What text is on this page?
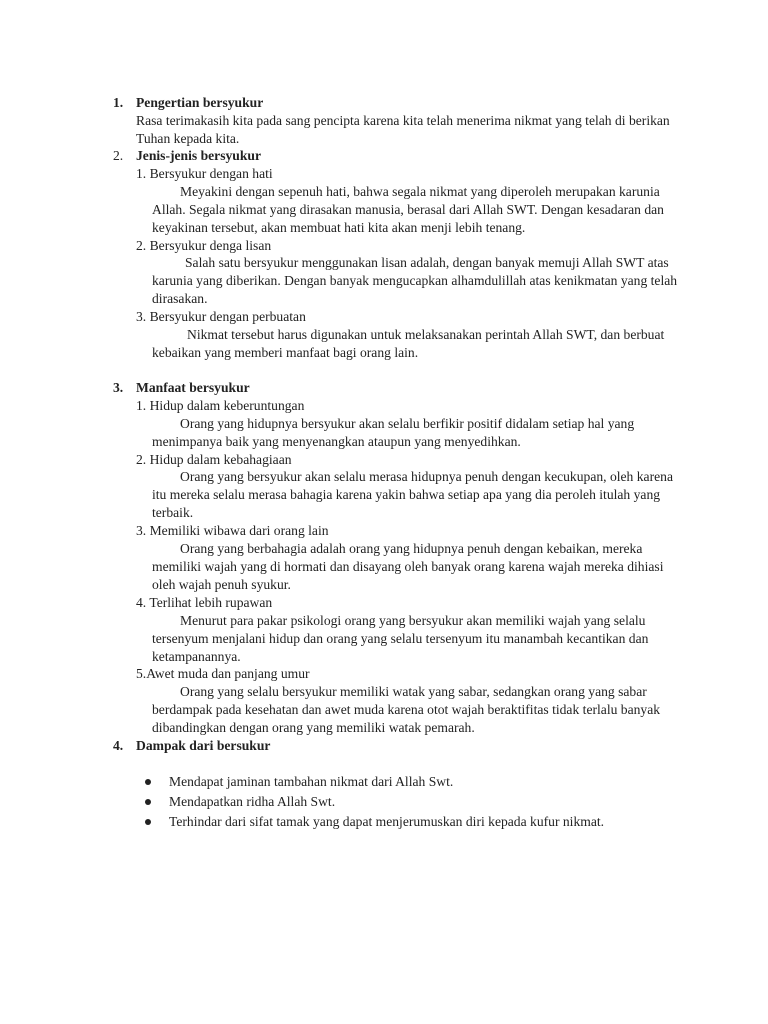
1. Pengertian bersyukur

Rasa terimakasih kita pada sang pencipta karena kita telah menerima nikmat yang telah di berikan Tuhan kepada kita.

2. Jenis-jenis bersyukur
1. Bersyukur dengan hati

Meyakini dengan sepenuh hati, bahwa segala nikmat yang diperoleh merupakan karunia Allah. Segala nikmat yang dirasakan manusia, berasal dari Allah SWT. Dengan kesadaran dan keyakinan tersebut, akan membuat hati kita akan menji lebih tenang.

2. Bersyukur denga lisan

Salah satu bersyukur menggunakan lisan adalah, dengan banyak memuji Allah SWT atas karunia yang diberikan. Dengan banyak mengucapkan alhamdulillah atas kenikmatan yang telah dirasakan.

3. Bersyukur dengan perbuatan

Nikmat tersebut harus digunakan untuk melaksanakan perintah Allah SWT, dan berbuat kebaikan yang memberi manfaat bagi orang lain.

3. Manfaat bersyukur
1. Hidup dalam keberuntungan

Orang yang hidupnya bersyukur akan selalu berfikir positif didalam setiap hal yang menimpanya baik yang menyenangkan ataupun yang menyedihkan.

2. Hidup dalam kebahagiaan

Orang yang bersyukur akan selalu merasa hidupnya penuh dengan kecukupan, oleh karena itu mereka selalu merasa bahagia karena yakin bahwa setiap apa yang dia peroleh itulah yang terbaik.

3. Memiliki wibawa dari orang lain

Orang yang berbahagia adalah orang yang hidupnya penuh dengan kebaikan, mereka memiliki wajah yang di hormati dan disayang oleh banyak orang karena wajah mereka dihiasi oleh wajah penuh syukur.

4. Terlihat lebih rupawan

Menurut para pakar psikologi orang yang bersyukur akan memiliki wajah yang selalu tersenyum menjalani hidup dan orang yang selalu tersenyum itu manambah kecantikan dan ketampanannya.

5.Awet muda dan panjang umur

Orang yang selalu bersyukur memiliki watak yang sabar, sedangkan orang yang sabar berdampak pada kesehatan dan awet muda karena otot wajah beraktifitas tidak terlalu banyak dibandingkan dengan orang yang memiliki watak pemarah.

4. Dampak dari bersukur
Mendapat jaminan tambahan nikmat dari Allah Swt.
Mendapatkan ridha Allah Swt.
Terhindar dari sifat tamak yang dapat menjerumuskan diri kepada kufur nikmat.
